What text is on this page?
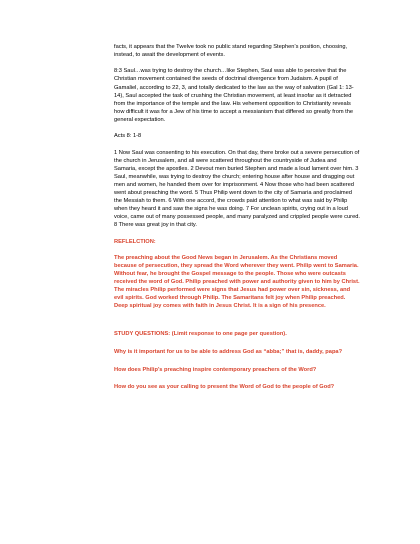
facts, it appears that the Twelve took no public stand regarding Stephen’s position, choosing, instead, to await the development of events.

8:3 Saul…was trying to destroy the church…like Stephen, Saul was able to perceive that the Christian movement contained the seeds of doctrinal divergence from Judaism. A pupil of Gamaliel, according to 22, 3, and totally dedicated to the law as the way of salvation (Gal 1: 13-14), Saul accepted the task of crushing the Christian movement, at least insofar as it detracted from the importance of the temple and the law. His vehement opposition to Christianity reveals how difficult it was for a Jew of his time to accept a messianism that differed so greatly from the general expectation.

Acts 8: 1-8

1 Now Saul was consenting to his execution. On that day, there broke out a severe persecution of the church in Jerusalem, and all were scattered throughout the countryside of Judea and Samaria, except the apostles. 2 Devout men buried Stephen and made a loud lament over him. 3 Saul, meanwhile, was trying to destroy the church; entering house after house and dragging out men and women, he handed them over for imprisonment. 4 Now those who had been scattered went about preaching the word. 5 Thus Philip went down to the city of Samaria and proclaimed the Messiah to them. 6 With one accord, the crowds paid attention to what was said by Philip when they heard it and saw the signs he was doing. 7 For unclean spirits, crying out in a loud voice, came out of many possessed people, and many paralyzed and crippled people were cured. 8 There was great joy in that city.

REFLELCTION:

The preaching about the Good News began in Jerusalem. As the Christians moved because of persecution, they spread the Word wherever they went. Philip went to Samaria. Without fear, he brought the Gospel message to the people. Those who were outcasts received the word of God. Philip preached with power and authority given to him by Christ. The miracles Philip performed were signs that Jesus had power over sin, sickness, and evil spirits. God worked through Philip. The Samaritans felt joy when Philip preached. Deep spiritual joy comes with faith in Jesus Christ. It is a sign of his presence.

STUDY QUESTIONS: (Limit response to one page per question).

Why is it important for us to be able to address God as “abba;” that is, daddy, papa?

How does Philip’s preaching inspire contemporary preachers of the Word?

How do you see as your calling to present the Word of God to the people of God?
